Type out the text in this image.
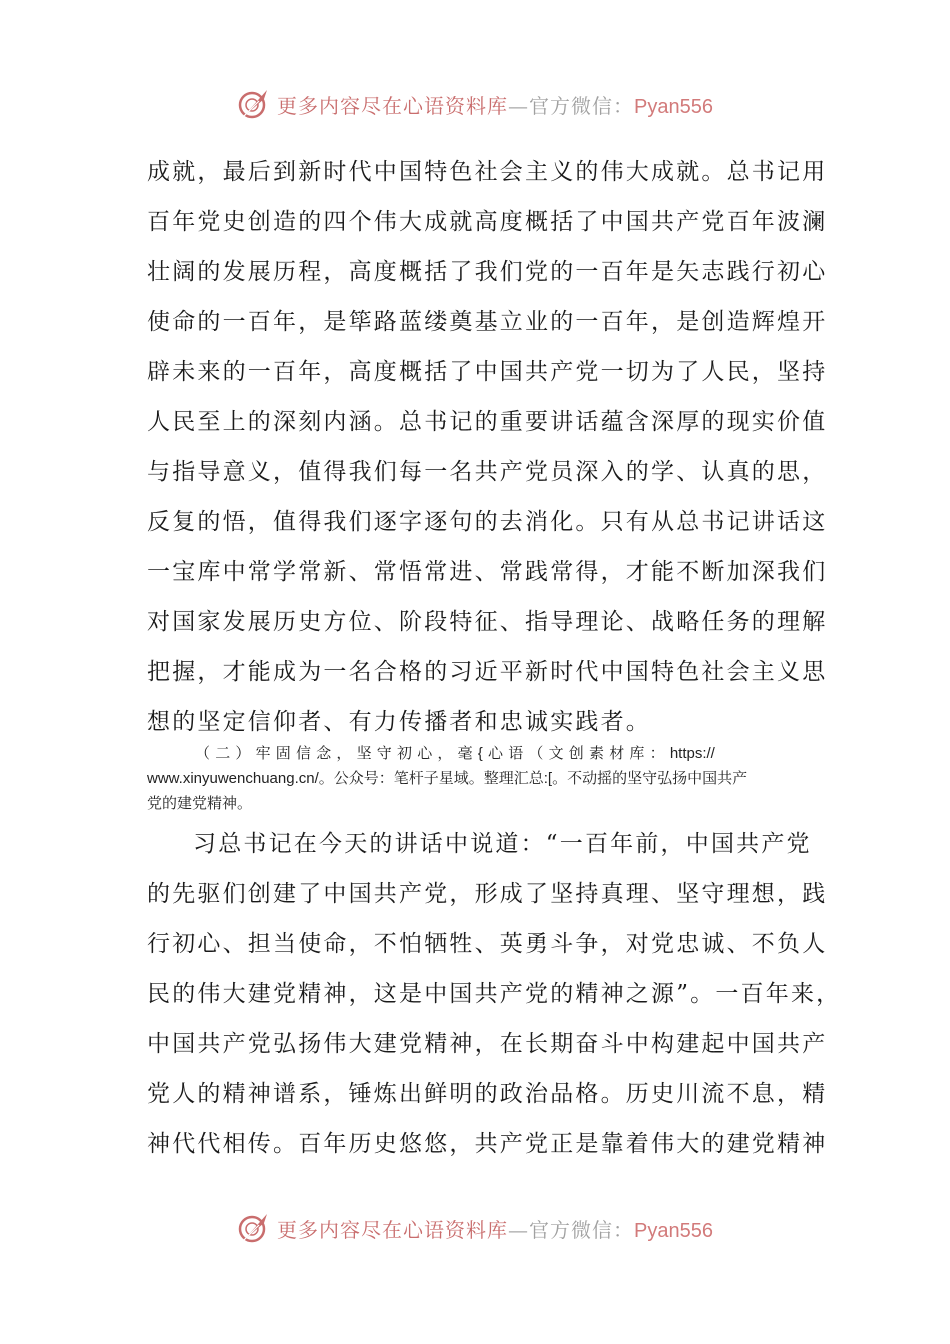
更多内容尽在心语资料库—官方微信：Pyan556
成就，最后到新时代中国特色社会主义的伟大成就。总书记用
百年党史创造的四个伟大成就高度概括了中国共产党百年波澜
壮阔的发展历程，高度概括了我们党的一百年是矢志践行初心
使命的一百年，是筚路蓝缕奠基立业的一百年，是创造辉煌开
辟未来的一百年，高度概括了中国共产党一切为了人民，坚持
人民至上的深刻内涵。总书记的重要讲话蕴含深厚的现实价值
与指导意义，值得我们每一名共产党员深入的学、认真的思，
反复的悟，值得我们逐字逐句的去消化。只有从总书记讲话这
一宝库中常学常新、常悟常进、常践常得，才能不断加深我们
对国家发展历史方位、阶段特征、指导理论、战略任务的理解
把握，才能成为一名合格的习近平新时代中国特色社会主义思
想的坚定信仰者、有力传播者和忠诚实践者。
（二）牢固信念，坚守初心，毫{心语（文创素材库：https://
www.xinyuwenchuang.cn/。公众号：笔杆子星域。整理汇总:[。不动摇的坚守弘扬中国共产
党的建党精神。
习总书记在今天的讲话中说道：“一百年前，中国共产党
的先驱们创建了中国共产党，形成了坚持真理、坚守理想，践
行初心、担当使命，不怕牺牲、英勇斗争，对党忠诚、不负人
民的伟大建党精神，这是中国共产党的精神之源”。一百年来，
中国共产党弘扬伟大建党精神，在长期奋斗中构建起中国共产
党人的精神谱系，锤炼出鲜明的政治品格。历史川流不息，精
神代代相传。百年历史悠悠，共产党正是靠着伟大的建党精神
更多内容尽在心语资料库—官方微信：Pyan556
